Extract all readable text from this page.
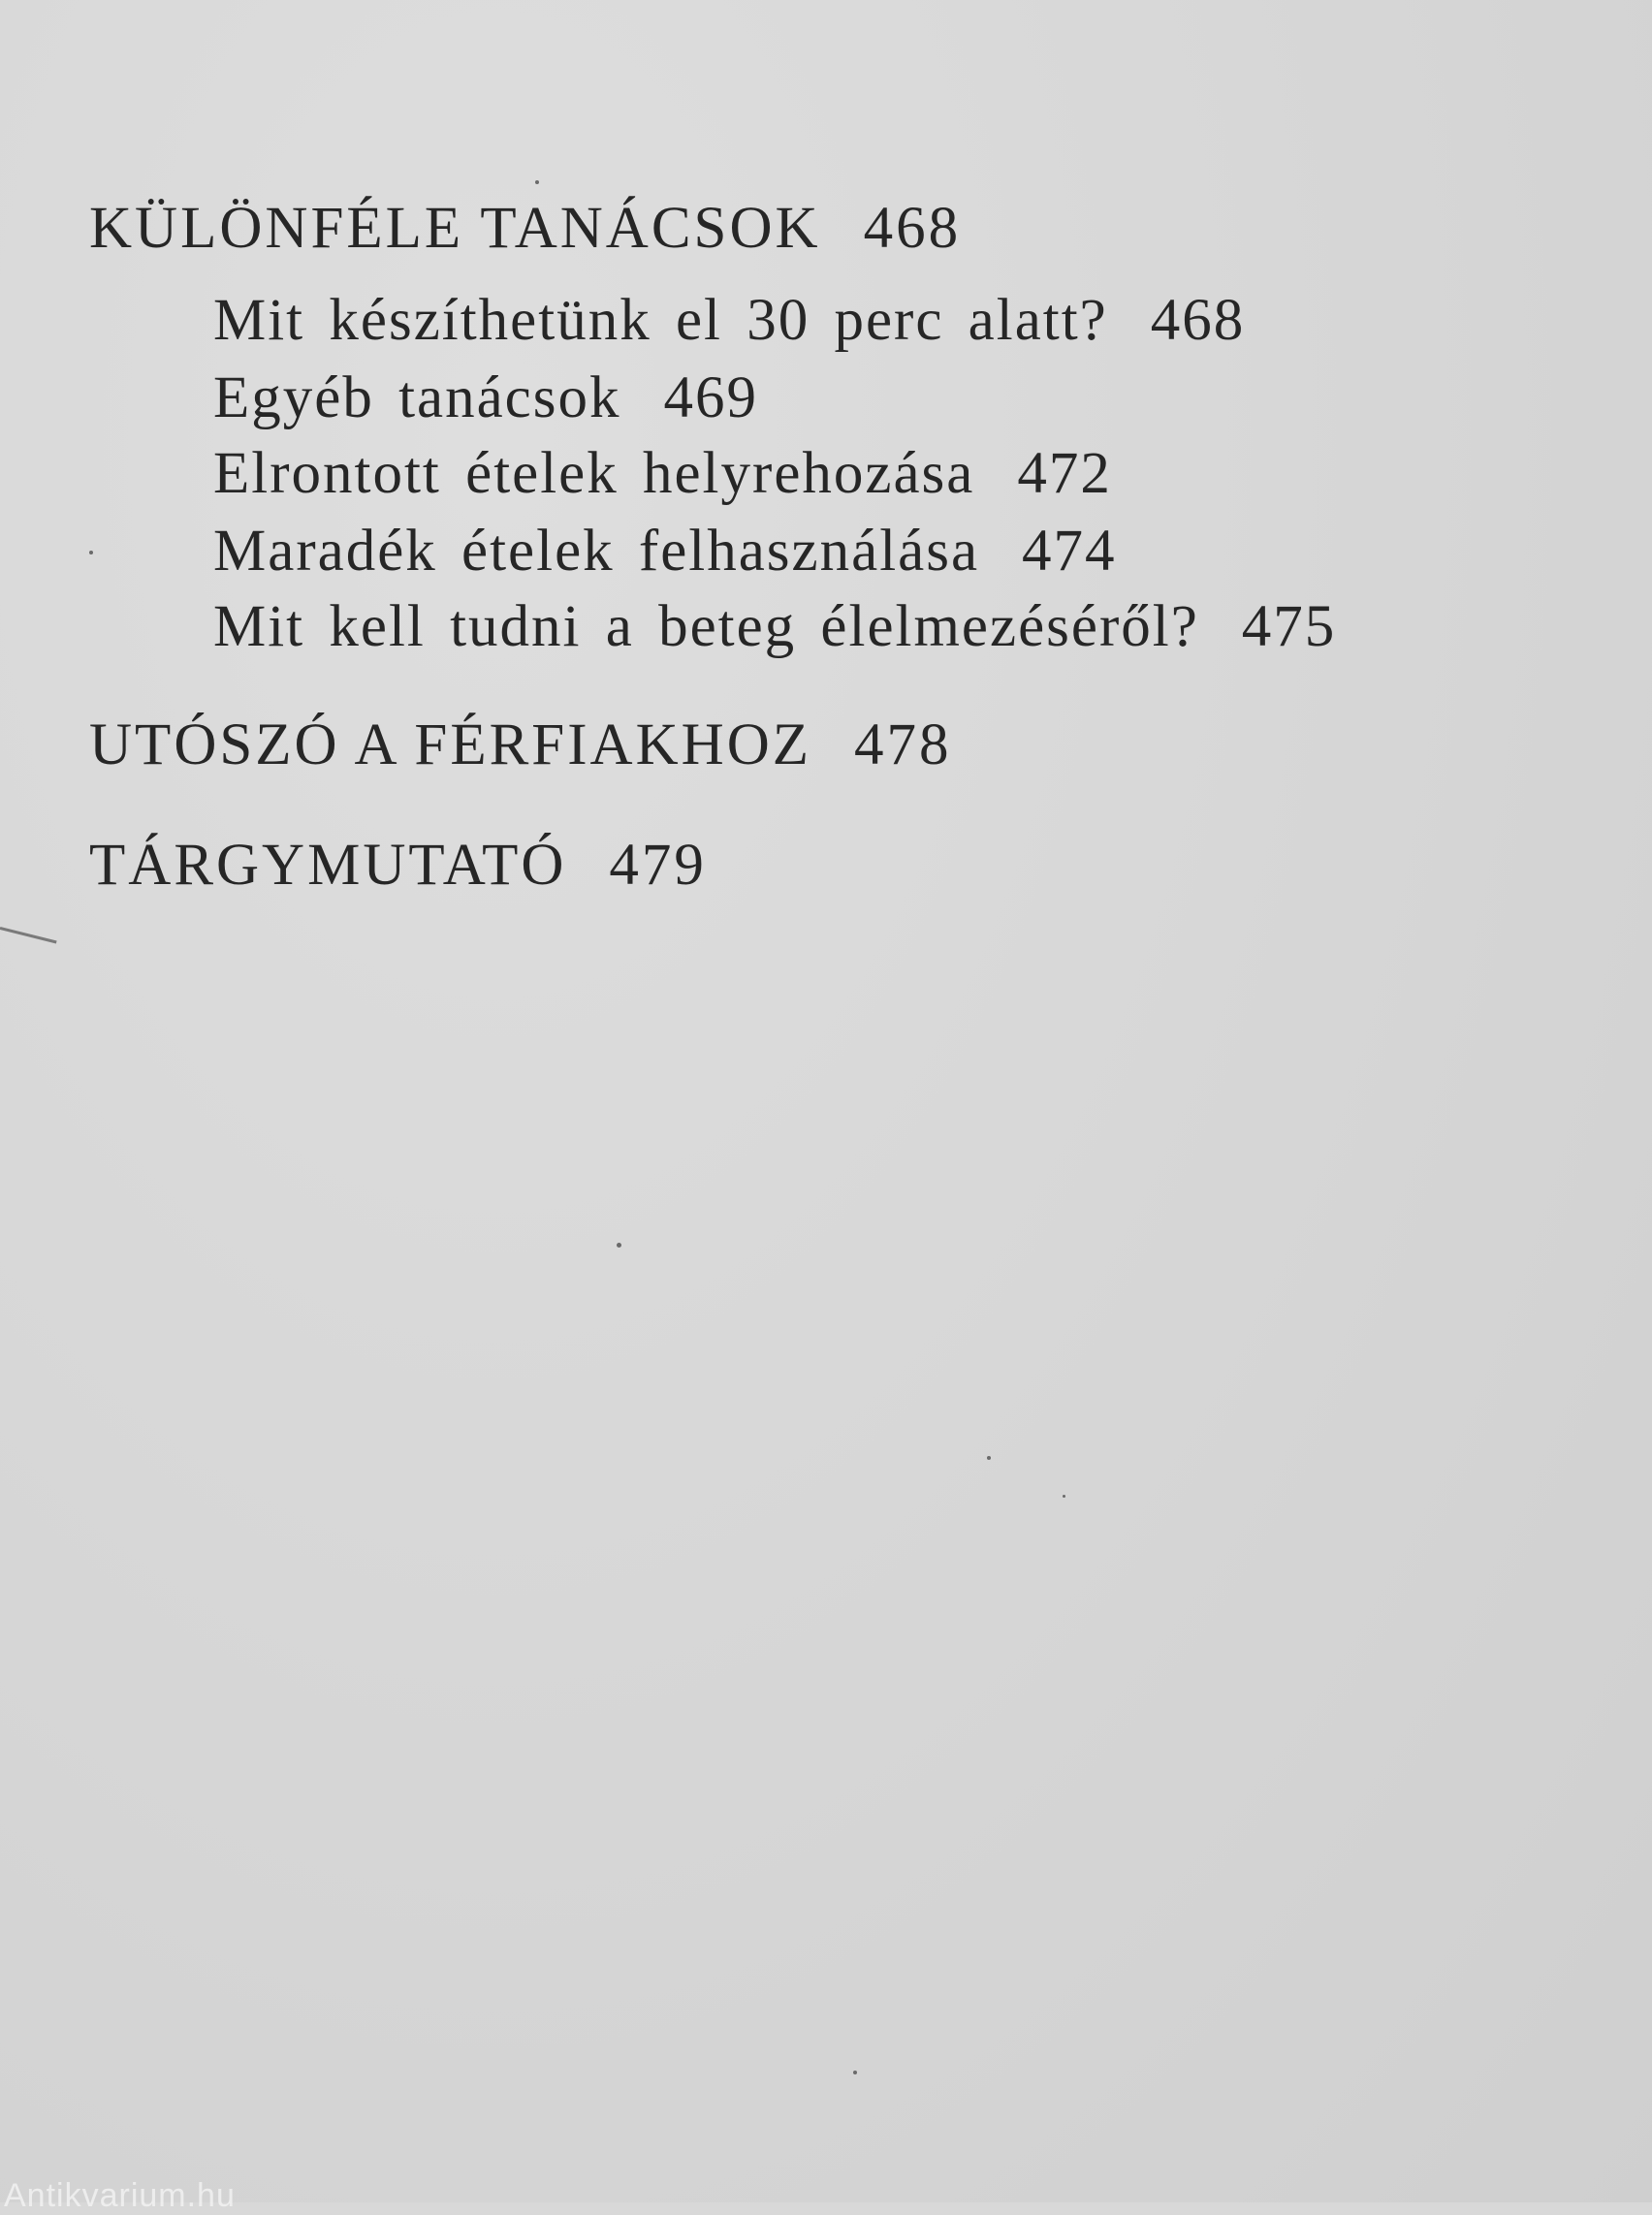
KÜLÖNFÉLE TANÁCSOK 468
Mit készíthetünk el 30 perc alatt? 468
Egyéb tanácsok 469
Elrontott ételek helyrehozása 472
Maradék ételek felhasználása 474
Mit kell tudni a beteg élelmezéséről? 475
UTÓSZÓ A FÉRFIAKHOZ 478
TÁRGYMUTATÓ 479
Antikvarium.hu
